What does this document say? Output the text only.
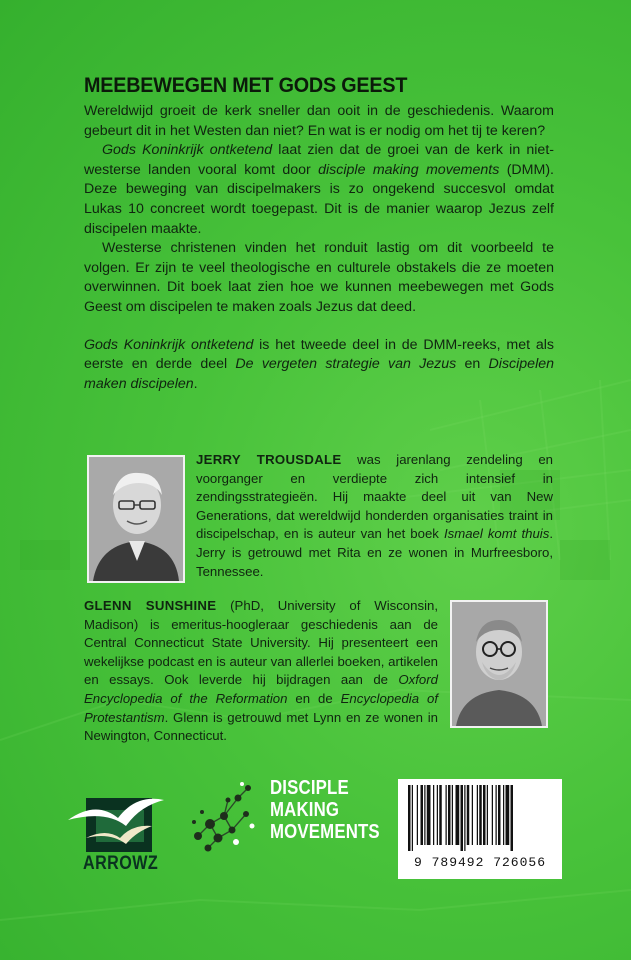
MEEBEWEGEN MET GODS GEEST

Wereldwijd groeit de kerk sneller dan ooit in de geschiedenis. Waarom gebeurt dit in het Westen dan niet? En wat is er nodig om het tij te keren?

Gods Koninkrijk ontketend laat zien dat de groei van de kerk in niet-westerse landen vooral komt door disciple making movements (DMM). Deze beweging van discipelmakers is zo ongekend succesvol omdat Lukas 10 concreet wordt toegepast. Dit is de manier waarop Jezus zelf discipelen maakte.

Westerse christenen vinden het ronduit lastig om dit voorbeeld te volgen. Er zijn te veel theologische en culturele obstakels die ze moeten overwinnen. Dit boek laat zien hoe we kunnen meebewegen met Gods Geest om discipelen te maken zoals Jezus dat deed.

Gods Koninkrijk ontketend is het tweede deel in de DMM-reeks, met als eerste en derde deel De vergeten strategie van Jezus en Discipelen maken discipelen.

JERRY TROUSDALE was jarenlang zendeling en voorganger en verdiepte zich intensief in zendingsstrategieën. Hij maakte deel uit van New Generations, dat wereldwijd honderden organisaties traint in discipelschap, en is auteur van het boek Ismael komt thuis. Jerry is getrouwd met Rita en ze wonen in Murfreesboro, Tennessee.
GLENN SUNSHINE (PhD, University of Wisconsin, Madison) is emeritus-hoogleraar geschiedenis aan de Central Connecticut State University. Hij presenteert een wekelijkse podcast en is auteur van allerlei boeken, artikelen en essays. Ook leverde hij bijdragen aan de Oxford Encyclopedia of the Reformation en de Encyclopedia of Protestantism. Glenn is getrouwd met Lynn en ze wonen in Newington, Connecticut.
ARROWZ
DISCIPLE
MAKING
MOVEMENTS
9 789492 726056
